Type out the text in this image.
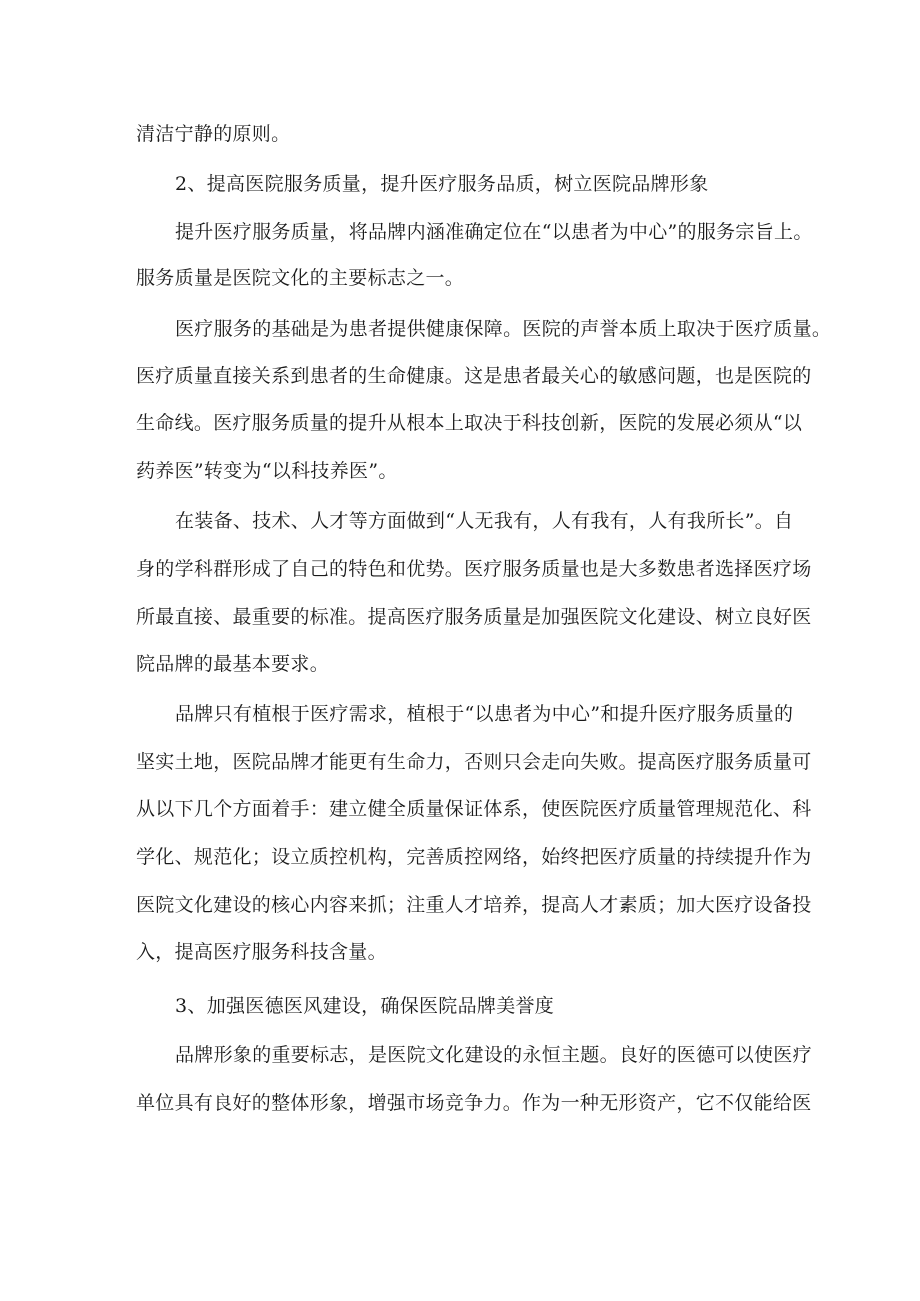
清洁宁静的原则。
2、提高医院服务质量，提升医疗服务品质，树立医院品牌形象
提升医疗服务质量，将品牌内涵准确定位在“以患者为中心”的服务宗旨上。
服务质量是医院文化的主要标志之一。
医疗服务的基础是为患者提供健康保障。医院的声誉本质上取决于医疗质量。
医疗质量直接关系到患者的生命健康。这是患者最关心的敏感问题，也是医院的
生命线。医疗服务质量的提升从根本上取决于科技创新，医院的发展必须从“以
药养医”转变为“以科技养医”。
在装备、技术、人才等方面做到“人无我有，人有我有，人有我所长”。自
身的学科群形成了自己的特色和优势。医疗服务质量也是大多数患者选择医疗场
所最直接、最重要的标准。提高医疗服务质量是加强医院文化建设、树立良好医
院品牌的最基本要求。
品牌只有植根于医疗需求，植根于“以患者为中心”和提升医疗服务质量的
坚实土地，医院品牌才能更有生命力，否则只会走向失败。提高医疗服务质量可
从以下几个方面着手：建立健全质量保证体系，使医院医疗质量管理规范化、科
学化、规范化；设立质控机构，完善质控网络，始终把医疗质量的持续提升作为
医院文化建设的核心内容来抓；注重人才培养，提高人才素质；加大医疗设备投
入，提高医疗服务科技含量。
3、加强医德医风建设，确保医院品牌美誉度
品牌形象的重要标志，是医院文化建设的永恒主题。良好的医德可以使医疗
单位具有良好的整体形象，增强市场竞争力。作为一种无形资产，它不仅能给医
